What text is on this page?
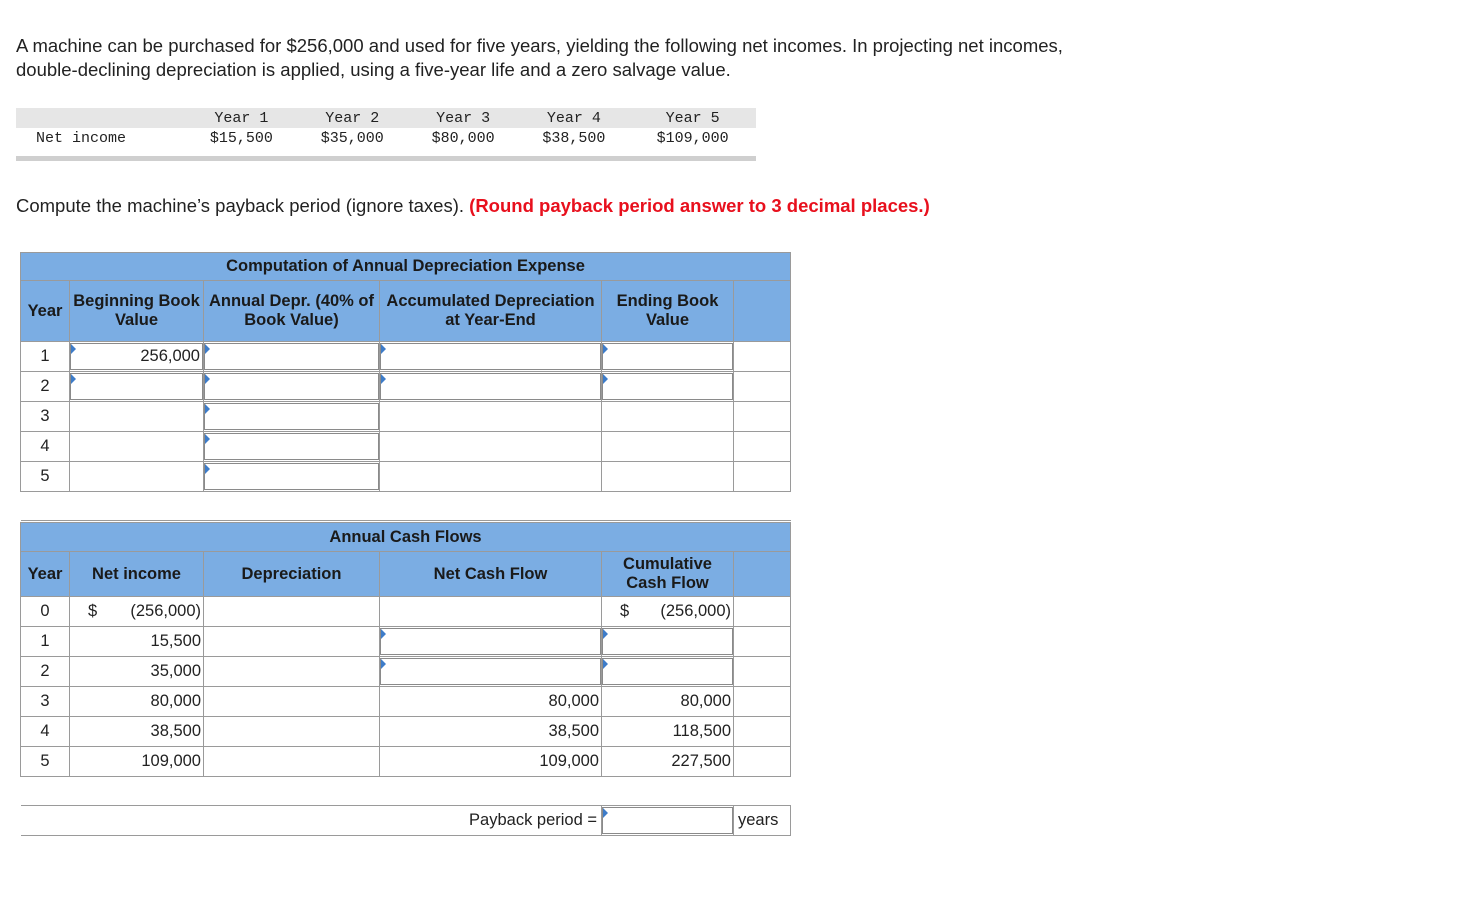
A machine can be purchased for $256,000 and used for five years, yielding the following net incomes. In projecting net incomes,

double-declining depreciation is applied, using a five-year life and a zero salvage value.

	Year 1	Year 2	Year 3	Year 4	Year 5
Net income	$15,500	$35,000	$80,000	$38,500	$109,000
Compute the machine’s payback period (ignore taxes). (Round payback period answer to 3 decimal places.)
Computation of Annual Depreciation Expense					
Year	Beginning Book Value	Annual Depr. (40% of Book Value)	Accumulated Depreciation at Year-End	Ending Book Value	
1	256,000				

2	

3		

4		

5		

Annual Cash Flows					
Year	Net income	Depreciation	Net Cash Flow	Cumulative Cash Flow	
0	$ (256,000)			$ (256,000)	
1	15,500		

2	35,000		

3	80,000		80,000	80,000	
4	38,500		38,500	118,500	
5	109,000		109,000	227,500	

Payback period =					years
